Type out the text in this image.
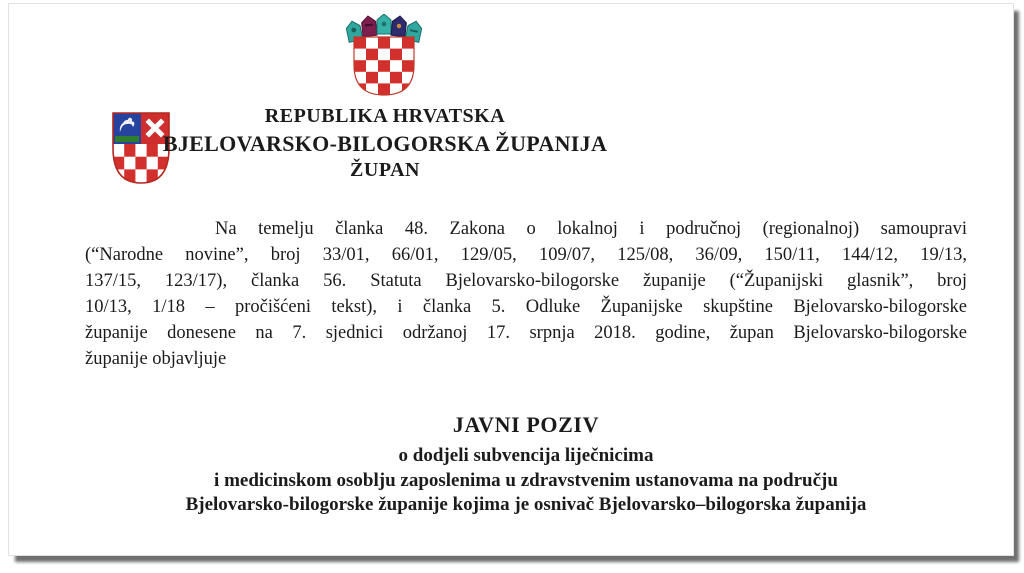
REPUBLIKA HRVATSKA
BJELOVARSKO-BILOGORSKA ŽUPANIJA
ŽUPAN
Na temelju članka 48. Zakona o lokalnoj i područnoj (regionalnoj) samoupravi
(“Narodne novine”, broj 33/01, 66/01, 129/05, 109/07, 125/08, 36/09, 150/11, 144/12, 19/13,
137/15, 123/17), članka 56. Statuta Bjelovarsko-bilogorske županije (“Županijski glasnik”, broj
10/13, 1/18 – pročišćeni tekst), i članka 5. Odluke Županijske skupštine Bjelovarsko-bilogorske
županije donesene na 7. sjednici održanoj 17. srpnja 2018. godine, župan Bjelovarsko-bilogorske
županije objavljuje
JAVNI POZIV
o dodjeli subvencija liječnicima
i medicinskom osoblju zaposlenima u zdravstvenim ustanovama na području
Bjelovarsko-bilogorske županije kojima je osnivač Bjelovarsko–bilogorska županija
